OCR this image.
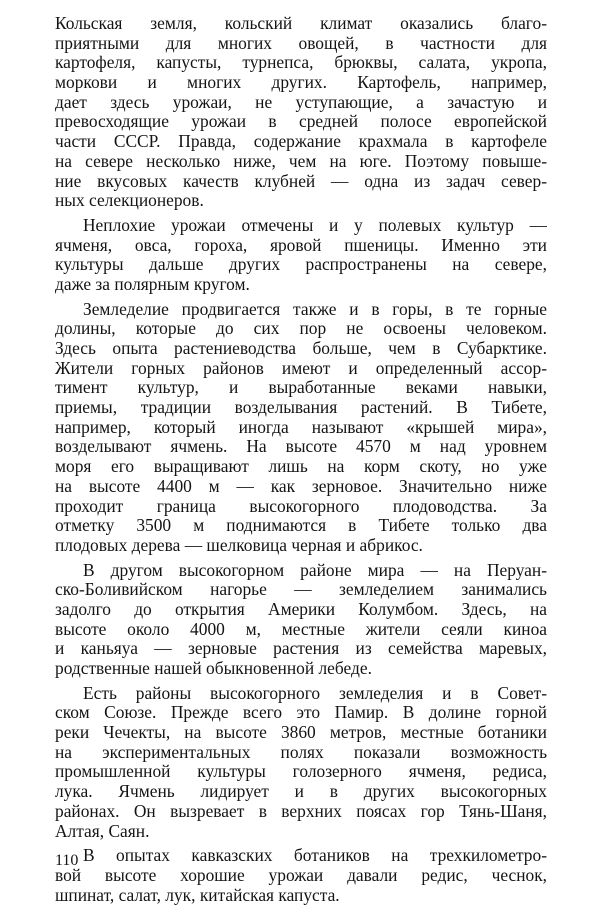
Кольская земля, кольский климат оказались благо-
приятными для многих овощей, в частности для
картофеля, капусты, турнепса, брюквы, салата, укропа,
моркови и многих других. Картофель, например,
дает здесь урожаи, не уступающие, а зачастую и
превосходящие урожаи в средней полосе европейской
части СССР. Правда, содержание крахмала в картофеле
на севере несколько ниже, чем на юге. Поэтому повыше-
ние вкусовых качеств клубней — одна из задач север-
ных селекционеров.
Неплохие урожаи отмечены и у полевых культур —
ячменя, овса, гороха, яровой пшеницы. Именно эти
культуры дальше других распространены на севере,
даже за полярным кругом.
Земледелие продвигается также и в горы, в те горные
долины, которые до сих пор не освоены человеком.
Здесь опыта растениеводства больше, чем в Субарктике.
Жители горных районов имеют и определенный ассор-
тимент культур, и выработанные веками навыки,
приемы, традиции возделывания растений. В Тибете,
например, который иногда называют «крышей мира»,
возделывают ячмень. На высоте 4570 м над уровнем
моря его выращивают лишь на корм скоту, но уже
на высоте 4400 м — как зерновое. Значительно ниже
проходит граница высокогорного плодоводства. За
отметку 3500 м поднимаются в Тибете только два
плодовых дерева — шелковица черная и абрикос.
В другом высокогорном районе мира — на Перуан-
ско-Боливийском нагорье — земледелием занимались
задолго до открытия Америки Колумбом. Здесь, на
высоте около 4000 м, местные жители сеяли киноа
и каньяуа — зерновые растения из семейства маревых,
родственные нашей обыкновенной лебеде.
Есть районы высокогорного земледелия и в Совет-
ском Союзе. Прежде всего это Памир. В долине горной
реки Чечекты, на высоте 3860 метров, местные ботаники
на экспериментальных полях показали возможность
промышленной культуры голозерного ячменя, редиса,
лука. Ячмень лидирует и в других высокогорных
районах. Он вызревает в верхних поясах гор Тянь-Шаня,
Алтая, Саян.
В опытах кавказских ботаников на трехкилометро-
вой высоте хорошие урожаи давали редис, чеснок,
шпинат, салат, лук, китайская капуста.
110
